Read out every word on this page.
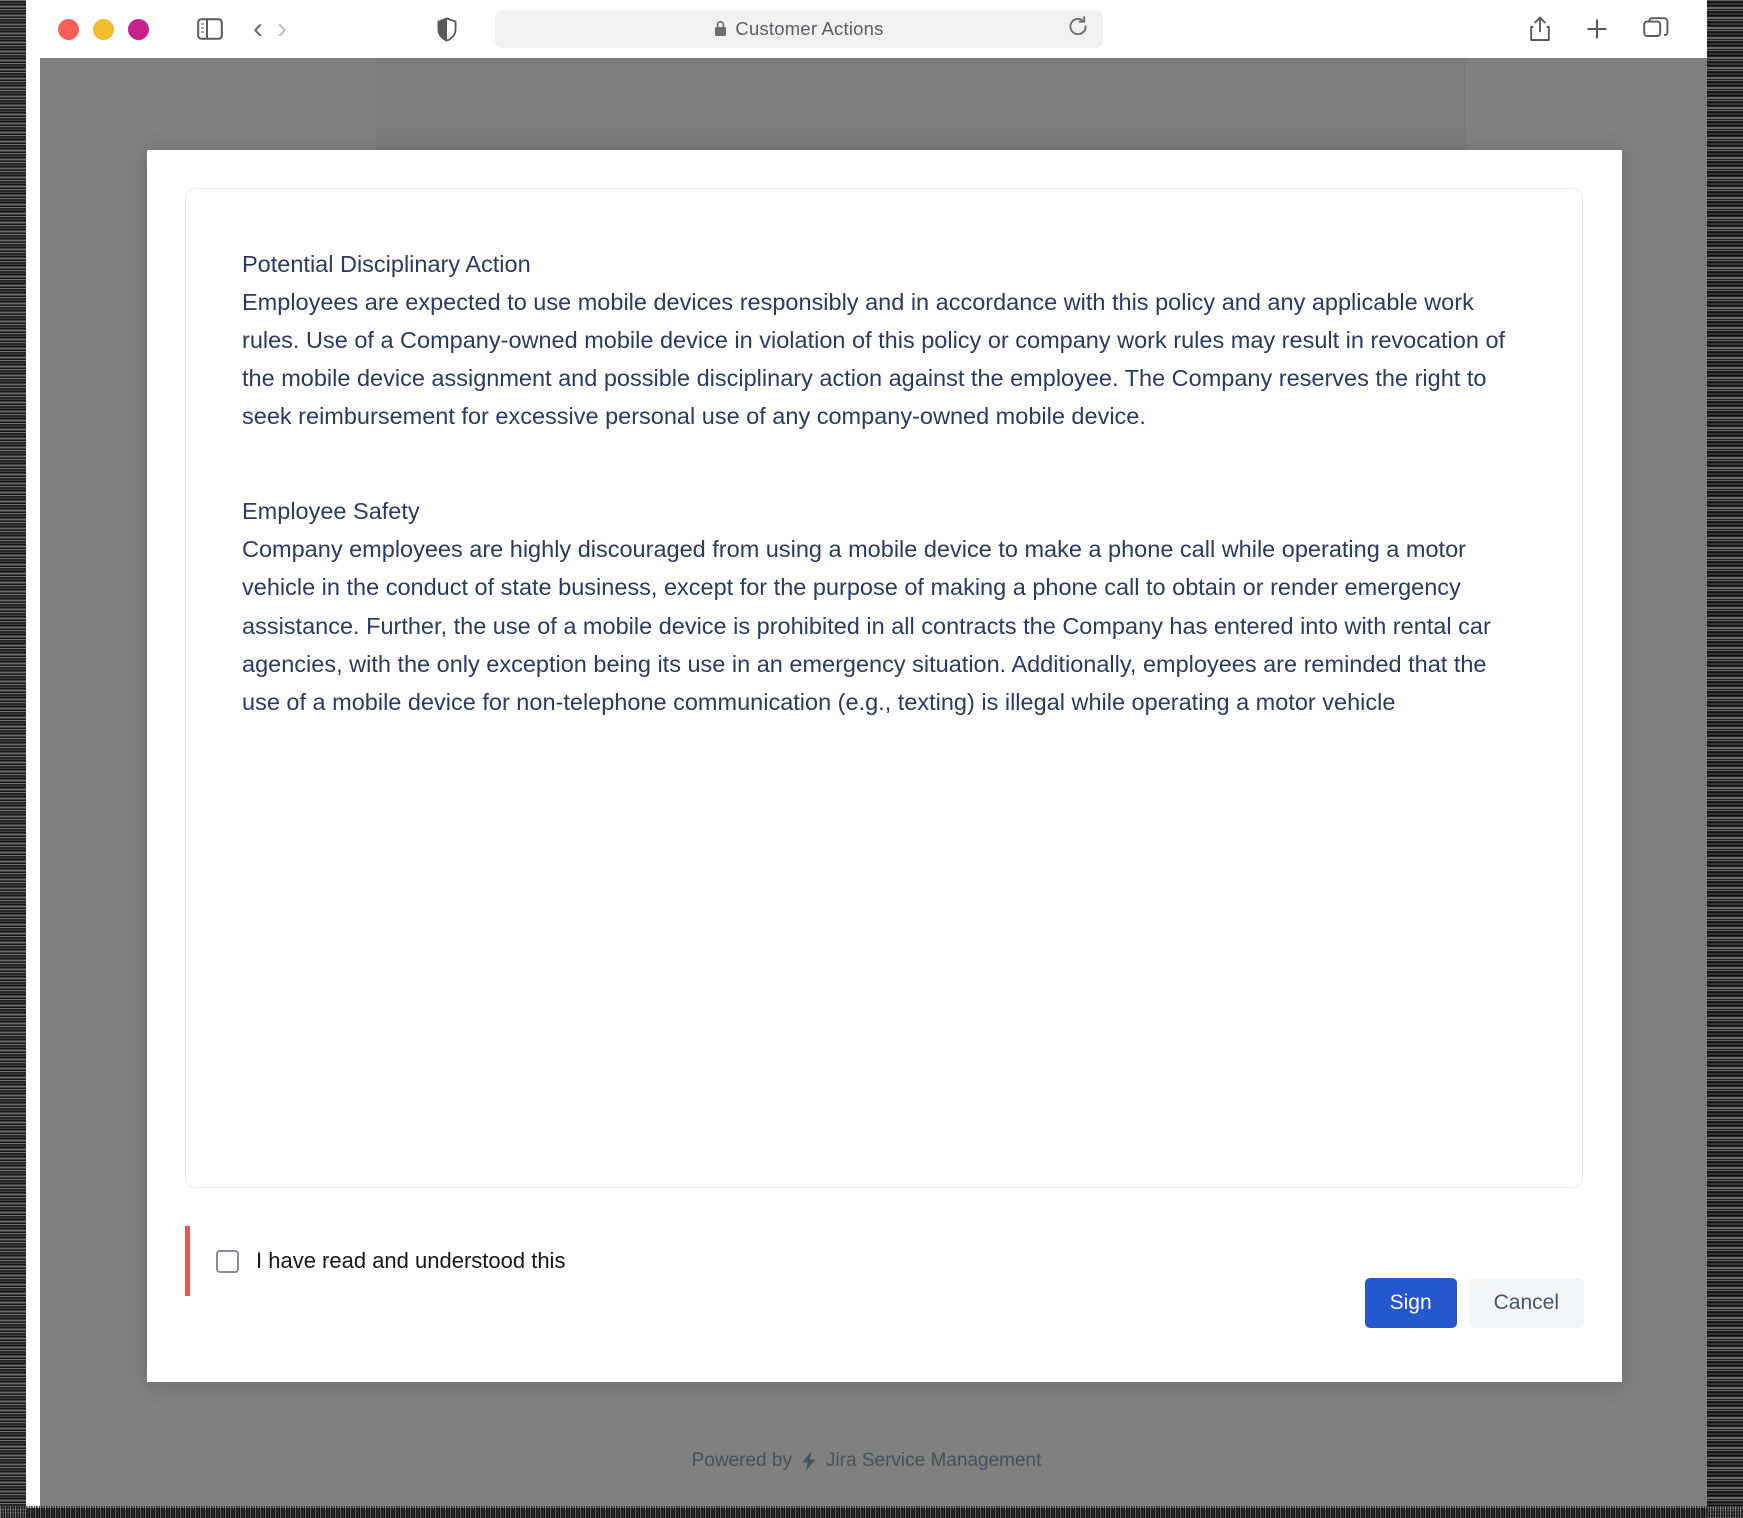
‹ ›	Customer Actions
Powered by Jira Service Management
Potential Disciplinary Action
Employees are expected to use mobile devices responsibly and in accordance with this policy and any applicable work rules. Use of a Company-owned mobile device in violation of this policy or company work rules may result in revocation of the mobile device assignment and possible disciplinary action against the employee. The Company reserves the right to seek reimbursement for excessive personal use of any company-owned mobile device.
Employee Safety
Company employees are highly discouraged from using a mobile device to make a phone call while operating a motor vehicle in the conduct of state business, except for the purpose of making a phone call to obtain or render emergency assistance. Further, the use of a mobile device is prohibited in all contracts the Company has entered into with rental car agencies, with the only exception being its use in an emergency situation. Additionally, employees are reminded that the use of a mobile device for non-telephone communication (e.g., texting) is illegal while operating a motor vehicle
I have read and understood this
Sign	Cancel
